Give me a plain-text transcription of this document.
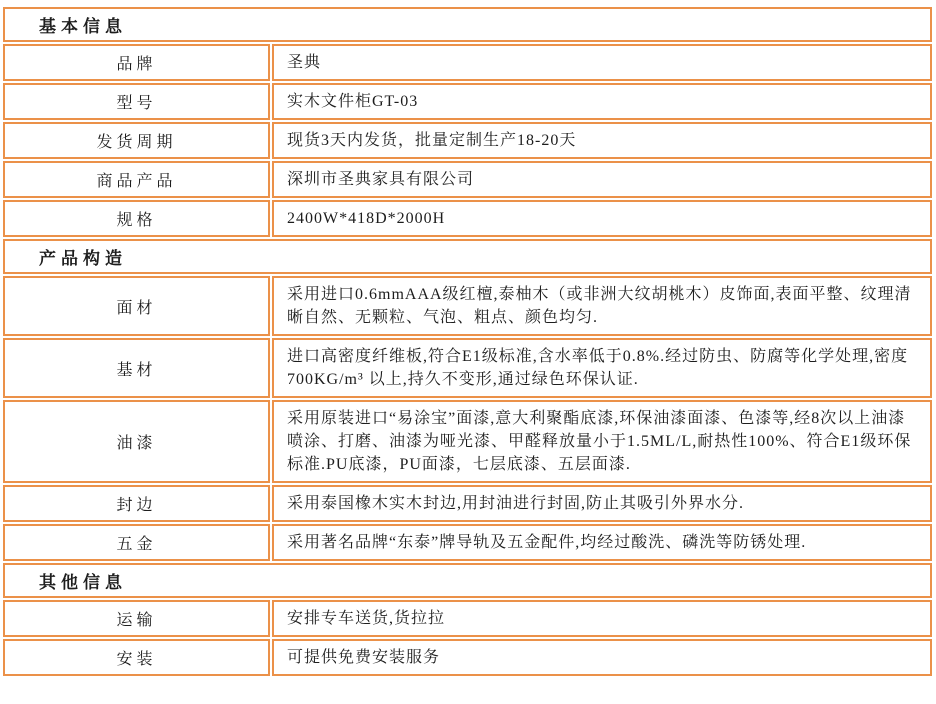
基本信息	
品牌	圣典
型号	实木文件柜GT-03
发货周期	现货3天内发货，批量定制生产18-20天
商品产品	深圳市圣典家具有限公司
规格	2400W*418D*2000H
产品构造	
面材	采用进口0.6mmAAA级红檀,泰柚木（或非洲大纹胡桃木）皮饰面,表面平整、纹理清晰自然、无颗粒、气泡、粗点、颜色均匀.
基材	进口高密度纤维板,符合E1级标准,含水率低于0.8%.经过防虫、防腐等化学处理,密度700KG/m³ 以上,持久不变形,通过绿色环保认证.
油漆	采用原装进口“易涂宝”面漆,意大利聚酯底漆,环保油漆面漆、色漆等,经8次以上油漆喷涂、打磨、油漆为哑光漆、甲醛释放量小于1.5ML/L,耐热性100%、符合E1级环保标准.PU底漆，PU面漆，七层底漆、五层面漆.
封边	采用泰国橡木实木封边,用封油进行封固,防止其吸引外界水分.
五金	采用著名品牌“东泰”牌导轨及五金配件,均经过酸洗、磷洗等防锈处理.
其他信息	
运输	安排专车送货,货拉拉
安装	可提供免费安装服务
